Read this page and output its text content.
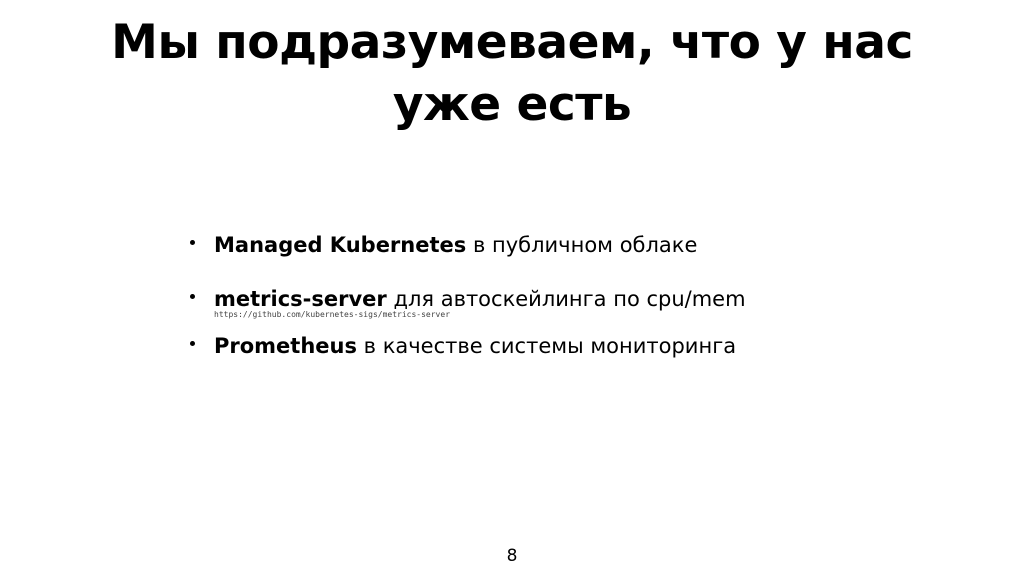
Мы подразумеваем, что у нас
уже есть
Managed Kubernetes в публичном облаке
metrics-server для автоскейлинга по cpu/mem
https://github.com/kubernetes-sigs/metrics-server
Prometheus в качестве системы мониторинга
8
